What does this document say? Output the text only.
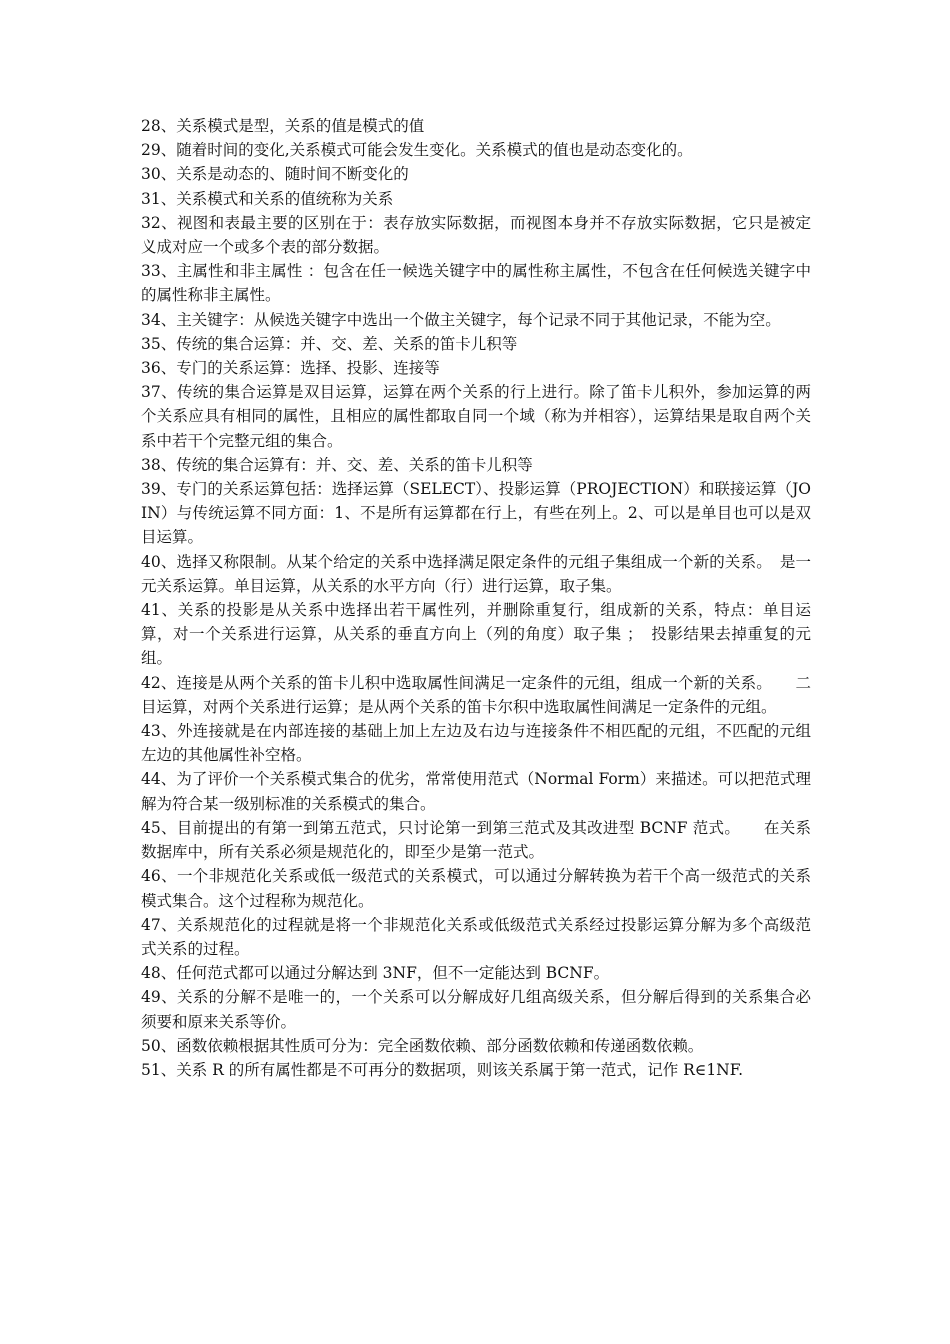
28、关系模式是型，关系的值是模式的值

29、随着时间的变化,关系模式可能会发生变化。关系模式的值也是动态变化的。

30、关系是动态的、随时间不断变化的

31、关系模式和关系的值统称为关系

32、视图和表最主要的区别在于：表存放实际数据，而视图本身并不存放实际数据，它只是被定义成对应一个或多个表的部分数据。

33、主属性和非主属性 ：包含在任一候选关键字中的属性称主属性，不包含在任何候选关键字中的属性称非主属性。

34、主关键字：从候选关键字中选出一个做主关键字，每个记录不同于其他记录，不能为空。

35、传统的集合运算：并、交、差、关系的笛卡儿积等

36、专门的关系运算：选择、投影、连接等

37、传统的集合运算是双目运算，运算在两个关系的行上进行。除了笛卡儿积外，参加运算的两个关系应具有相同的属性，且相应的属性都取自同一个域（称为并相容），运算结果是取自两个关系中若干个完整元组的集合。

38、传统的集合运算有：并、交、差、关系的笛卡儿积等

39、专门的关系运算包括：选择运算（SELECT）、投影运算（PROJECTION）和联接运算（JOIN）与传统运算不同方面：1、不是所有运算都在行上，有些在列上。2、可以是单目也可以是双目运算。

40、选择又称限制。从某个给定的关系中选择满足限定条件的元组子集组成一个新的关系。　是一元关系运算。单目运算，从关系的水平方向（行）进行运算，取子集。

41、关系的投影是从关系中选择出若干属性列，并删除重复行，组成新的关系，特点：单目运算，对一个关系进行运算，从关系的垂直方向上（列的角度）取子集 ；　投影结果去掉重复的元组。

42、连接是从两个关系的笛卡儿积中选取属性间满足一定条件的元组，组成一个新的关系。　　二目运算，对两个关系进行运算；是从两个关系的笛卡尔积中选取属性间满足一定条件的元组。

43、外连接就是在内部连接的基础上加上左边及右边与连接条件不相匹配的元组，不匹配的元组左边的其他属性补空格。

44、为了评价一个关系模式集合的优劣，常常使用范式（Normal Form）来描述。可以把范式理解为符合某一级别标准的关系模式的集合。

45、目前提出的有第一到第五范式，只讨论第一到第三范式及其改进型 BCNF 范式。　　在关系数据库中，所有关系必须是规范化的，即至少是第一范式。

46、一个非规范化关系或低一级范式的关系模式，可以通过分解转换为若干个高一级范式的关系模式集合。这个过程称为规范化。

47、关系规范化的过程就是将一个非规范化关系或低级范式关系经过投影运算分解为多个高级范式关系的过程。

48、任何范式都可以通过分解达到 3NF，但不一定能达到 BCNF。

49、关系的分解不是唯一的，一个关系可以分解成好几组高级关系，但分解后得到的关系集合必须要和原来关系等价。

50、函数依赖根据其性质可分为：完全函数依赖、部分函数依赖和传递函数依赖。

51、关系 R 的所有属性都是不可再分的数据项，则该关系属于第一范式，记作 R∈1NF.
